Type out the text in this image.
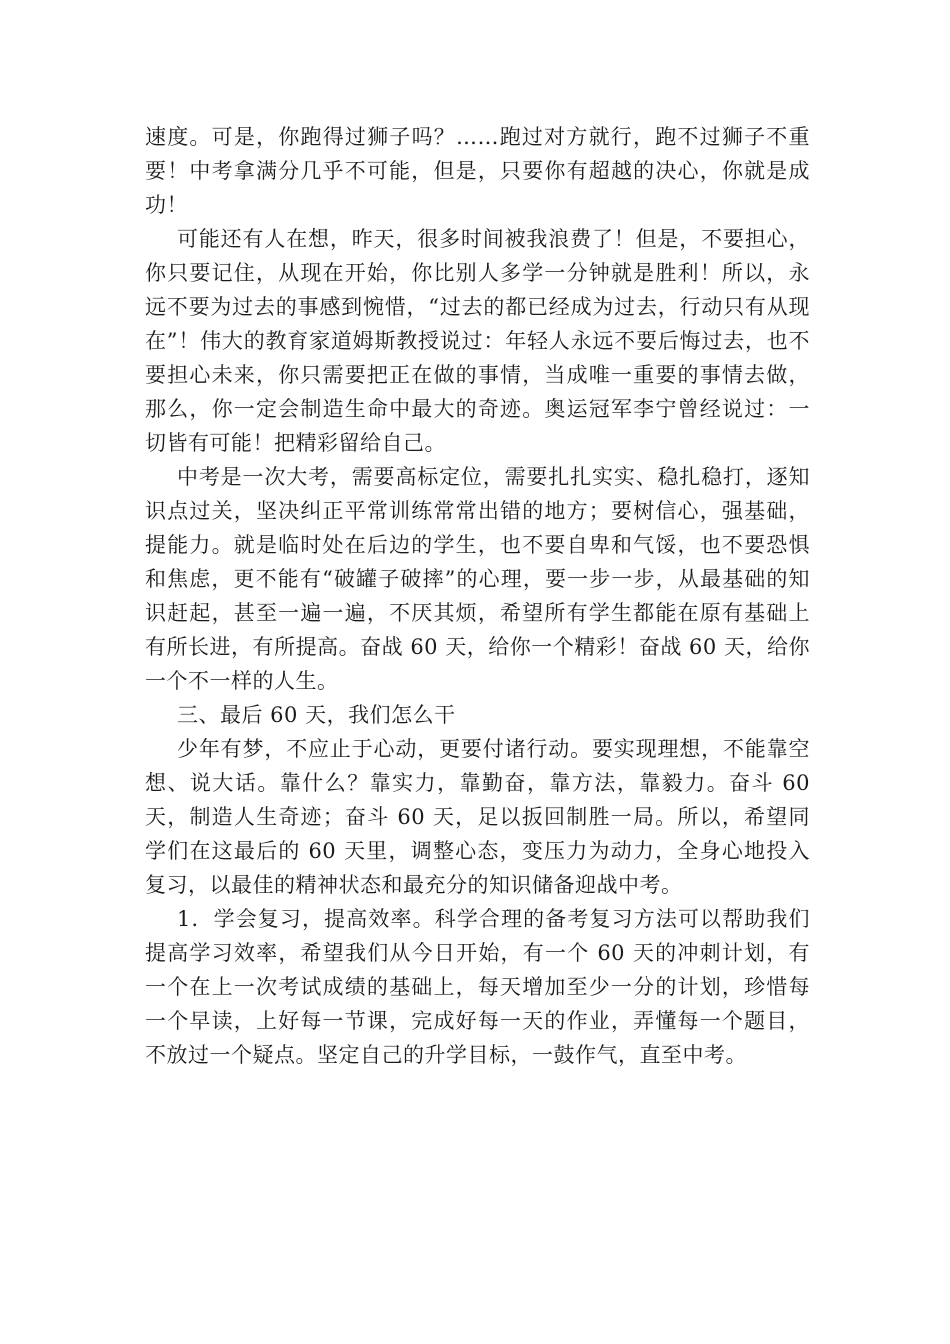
速度。可是，你跑得过狮子吗？……跑过对方就行，跑不过狮子不重要！中考拿满分几乎不可能，但是，只要你有超越的决心，你就是成功！

可能还有人在想，昨天，很多时间被我浪费了！但是，不要担心，你只要记住，从现在开始，你比别人多学一分钟就是胜利！所以，永远不要为过去的事感到惋惜，“过去的都已经成为过去，行动只有从现在”！伟大的教育家道姆斯教授说过：年轻人永远不要后悔过去，也不要担心未来，你只需要把正在做的事情，当成唯一重要的事情去做，那么，你一定会制造生命中最大的奇迹。奥运冠军李宁曾经说过：一切皆有可能！把精彩留给自己。

中考是一次大考，需要高标定位，需要扎扎实实、稳扎稳打，逐知识点过关，坚决纠正平常训练常常出错的地方；要树信心，强基础，提能力。就是临时处在后边的学生，也不要自卑和气馁，也不要恐惧和焦虑，更不能有“破罐子破摔”的心理，要一步一步，从最基础的知识赶起，甚至一遍一遍，不厌其烦，希望所有学生都能在原有基础上有所长进，有所提高。奋战 60 天，给你一个精彩！奋战 60 天，给你一个不一样的人生。

三、最后 60 天，我们怎么干

少年有梦，不应止于心动，更要付诸行动。要实现理想，不能靠空想、说大话。靠什么？靠实力，靠勤奋，靠方法，靠毅力。奋斗 60 天，制造人生奇迹；奋斗 60 天，足以扳回制胜一局。所以，希望同学们在这最后的 60 天里，调整心态，变压力为动力，全身心地投入复习，以最佳的精神状态和最充分的知识储备迎战中考。

1．学会复习，提高效率。科学合理的备考复习方法可以帮助我们提高学习效率，希望我们从今日开始，有一个 60 天的冲刺计划，有一个在上一次考试成绩的基础上，每天增加至少一分的计划，珍惜每一个早读，上好每一节课，完成好每一天的作业，弄懂每一个题目，不放过一个疑点。坚定自己的升学目标，一鼓作气，直至中考。
